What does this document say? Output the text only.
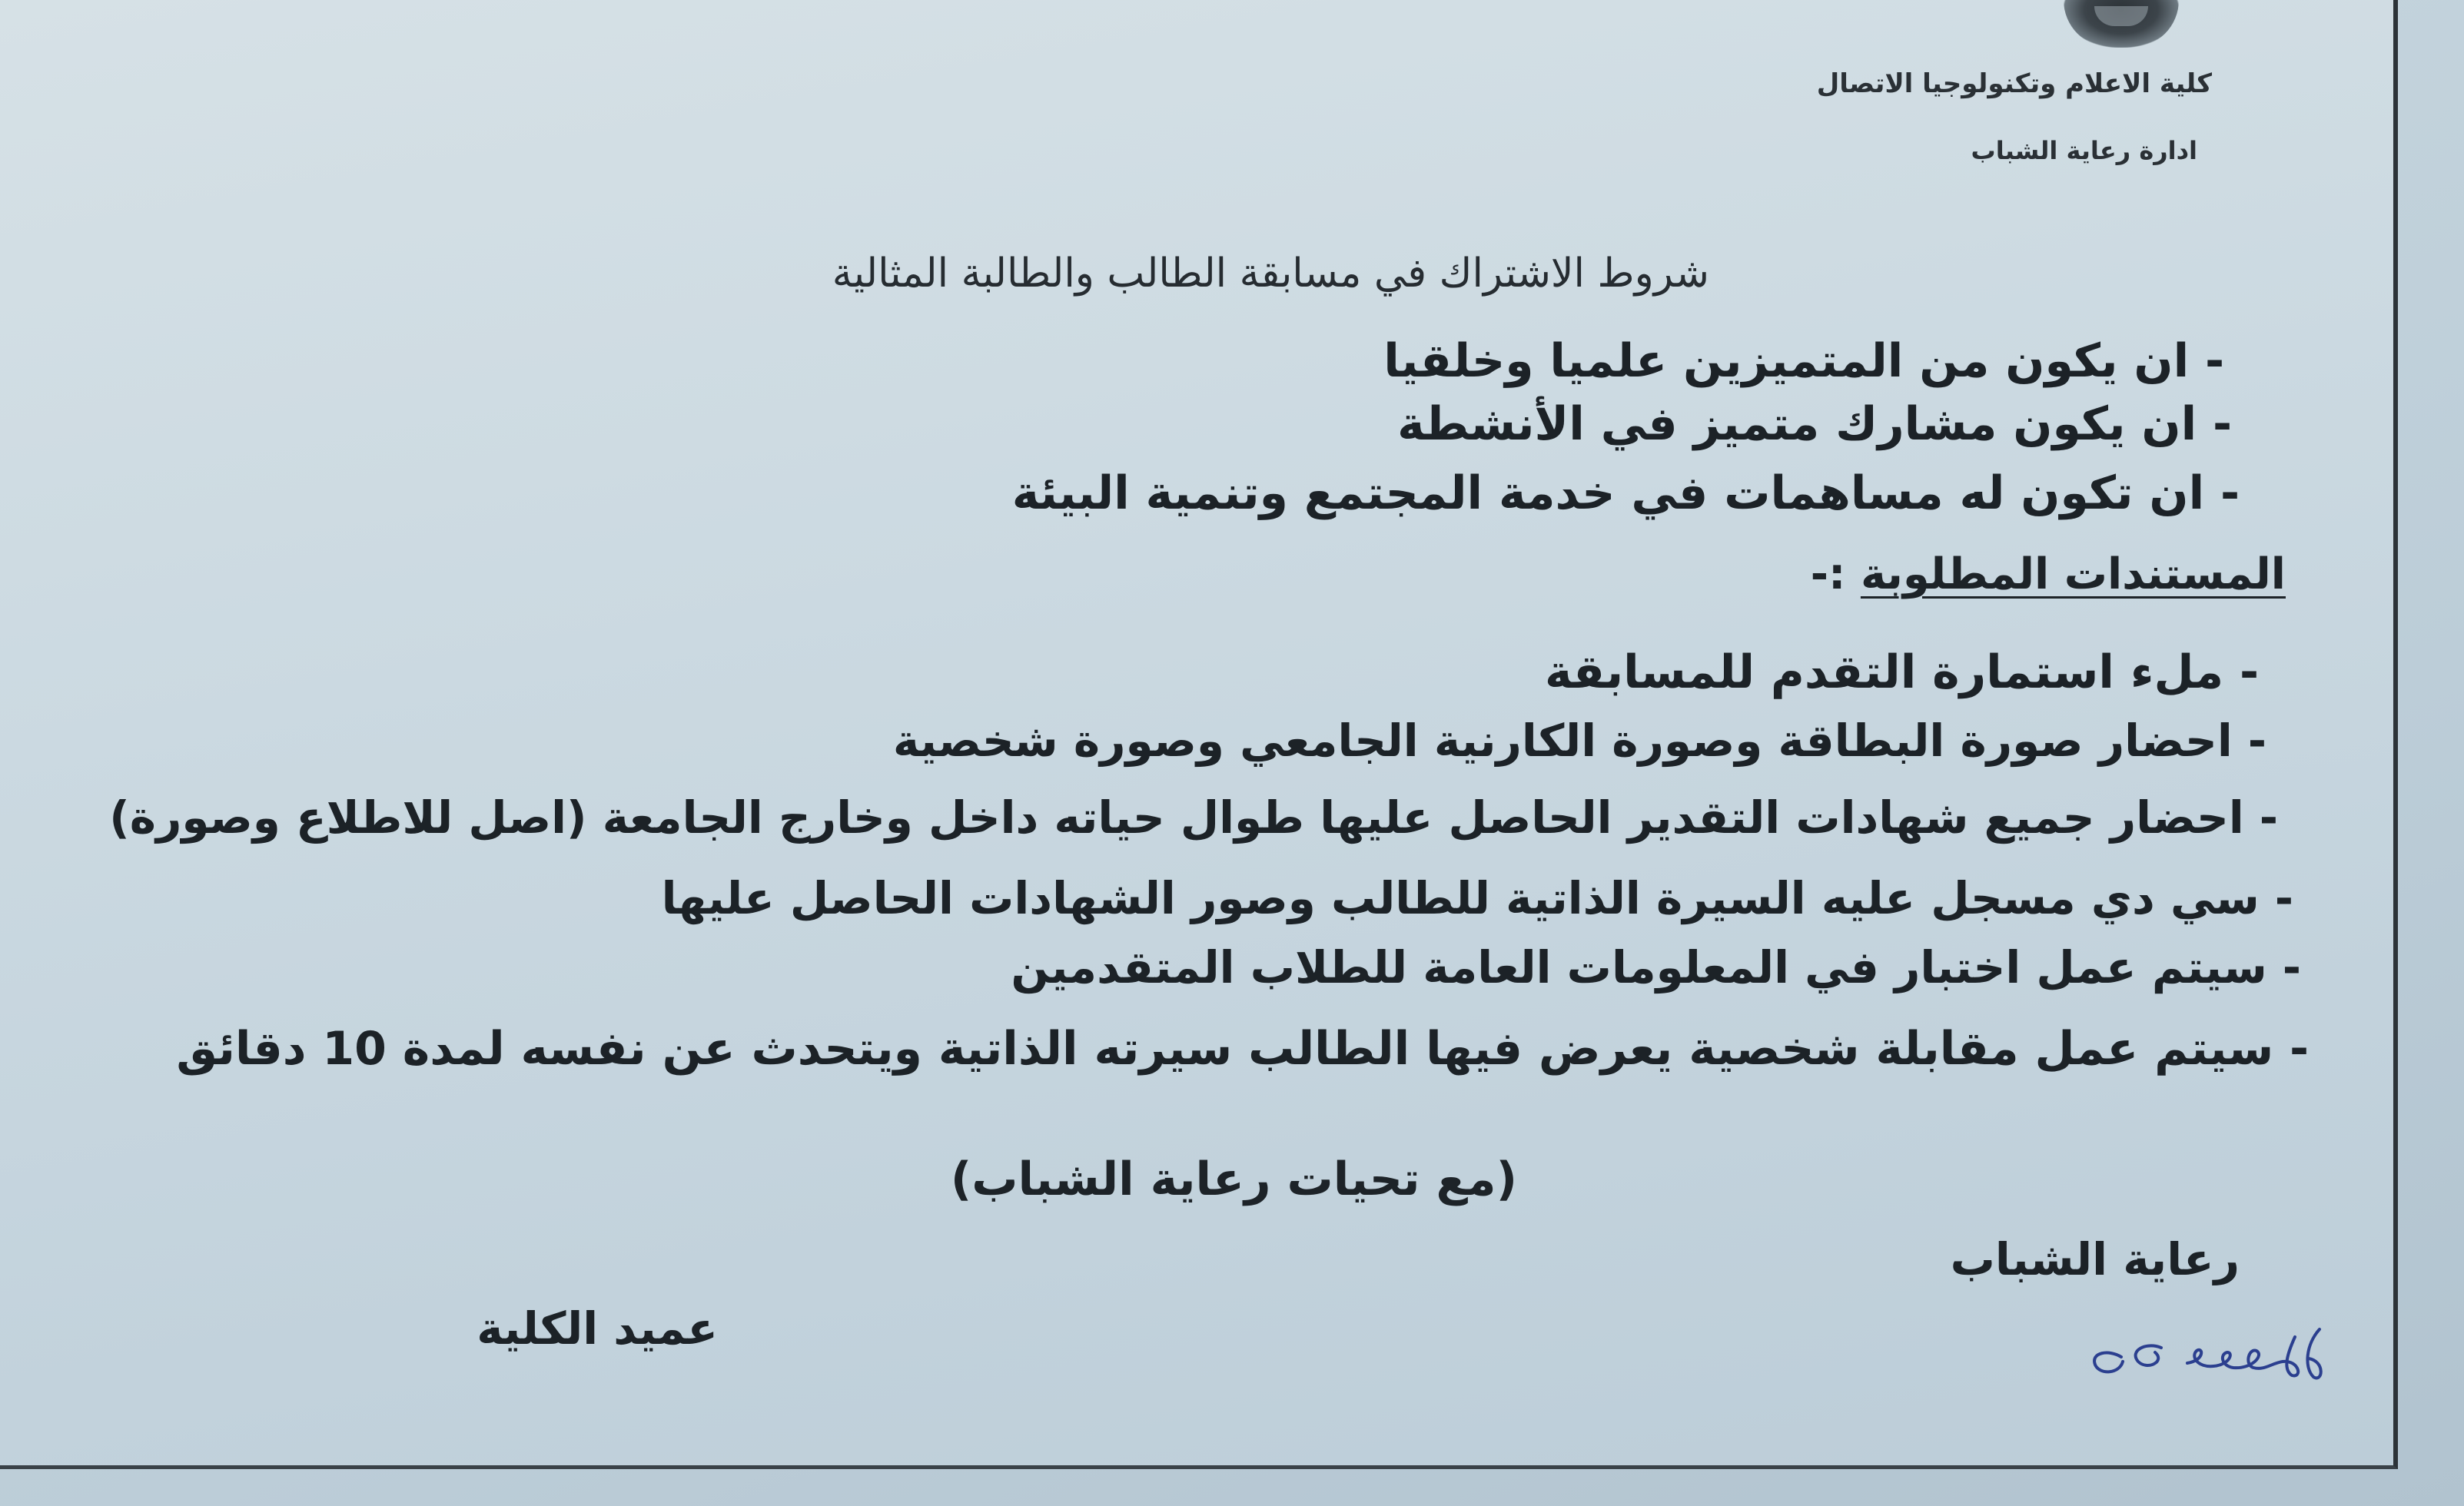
كلية الاعلام وتكنولوجيا الاتصال
ادارة رعاية الشباب
شروط الاشتراك في مسابقة الطالب والطالبة المثالية
- ان يكون من المتميزين علميا وخلقيا
- ان يكون مشارك متميز في الأنشطة
- ان تكون له مساهمات في خدمة المجتمع وتنمية البيئة
المستندات المطلوبة :-
- ملء استمارة التقدم للمسابقة
- احضار صورة البطاقة وصورة الكارنية الجامعي وصورة شخصية
- احضار جميع شهادات التقدير الحاصل عليها طوال حياته داخل وخارج الجامعة (اصل للاطلاع وصورة)
- سي دي مسجل عليه السيرة الذاتية للطالب وصور الشهادات الحاصل عليها
- سيتم عمل اختبار في المعلومات العامة للطلاب المتقدمين
- سيتم عمل مقابلة شخصية يعرض فيها الطالب سيرته الذاتية ويتحدث عن نفسه لمدة 10 دقائق
(مع تحيات رعاية الشباب)
رعاية الشباب
عميد الكلية
